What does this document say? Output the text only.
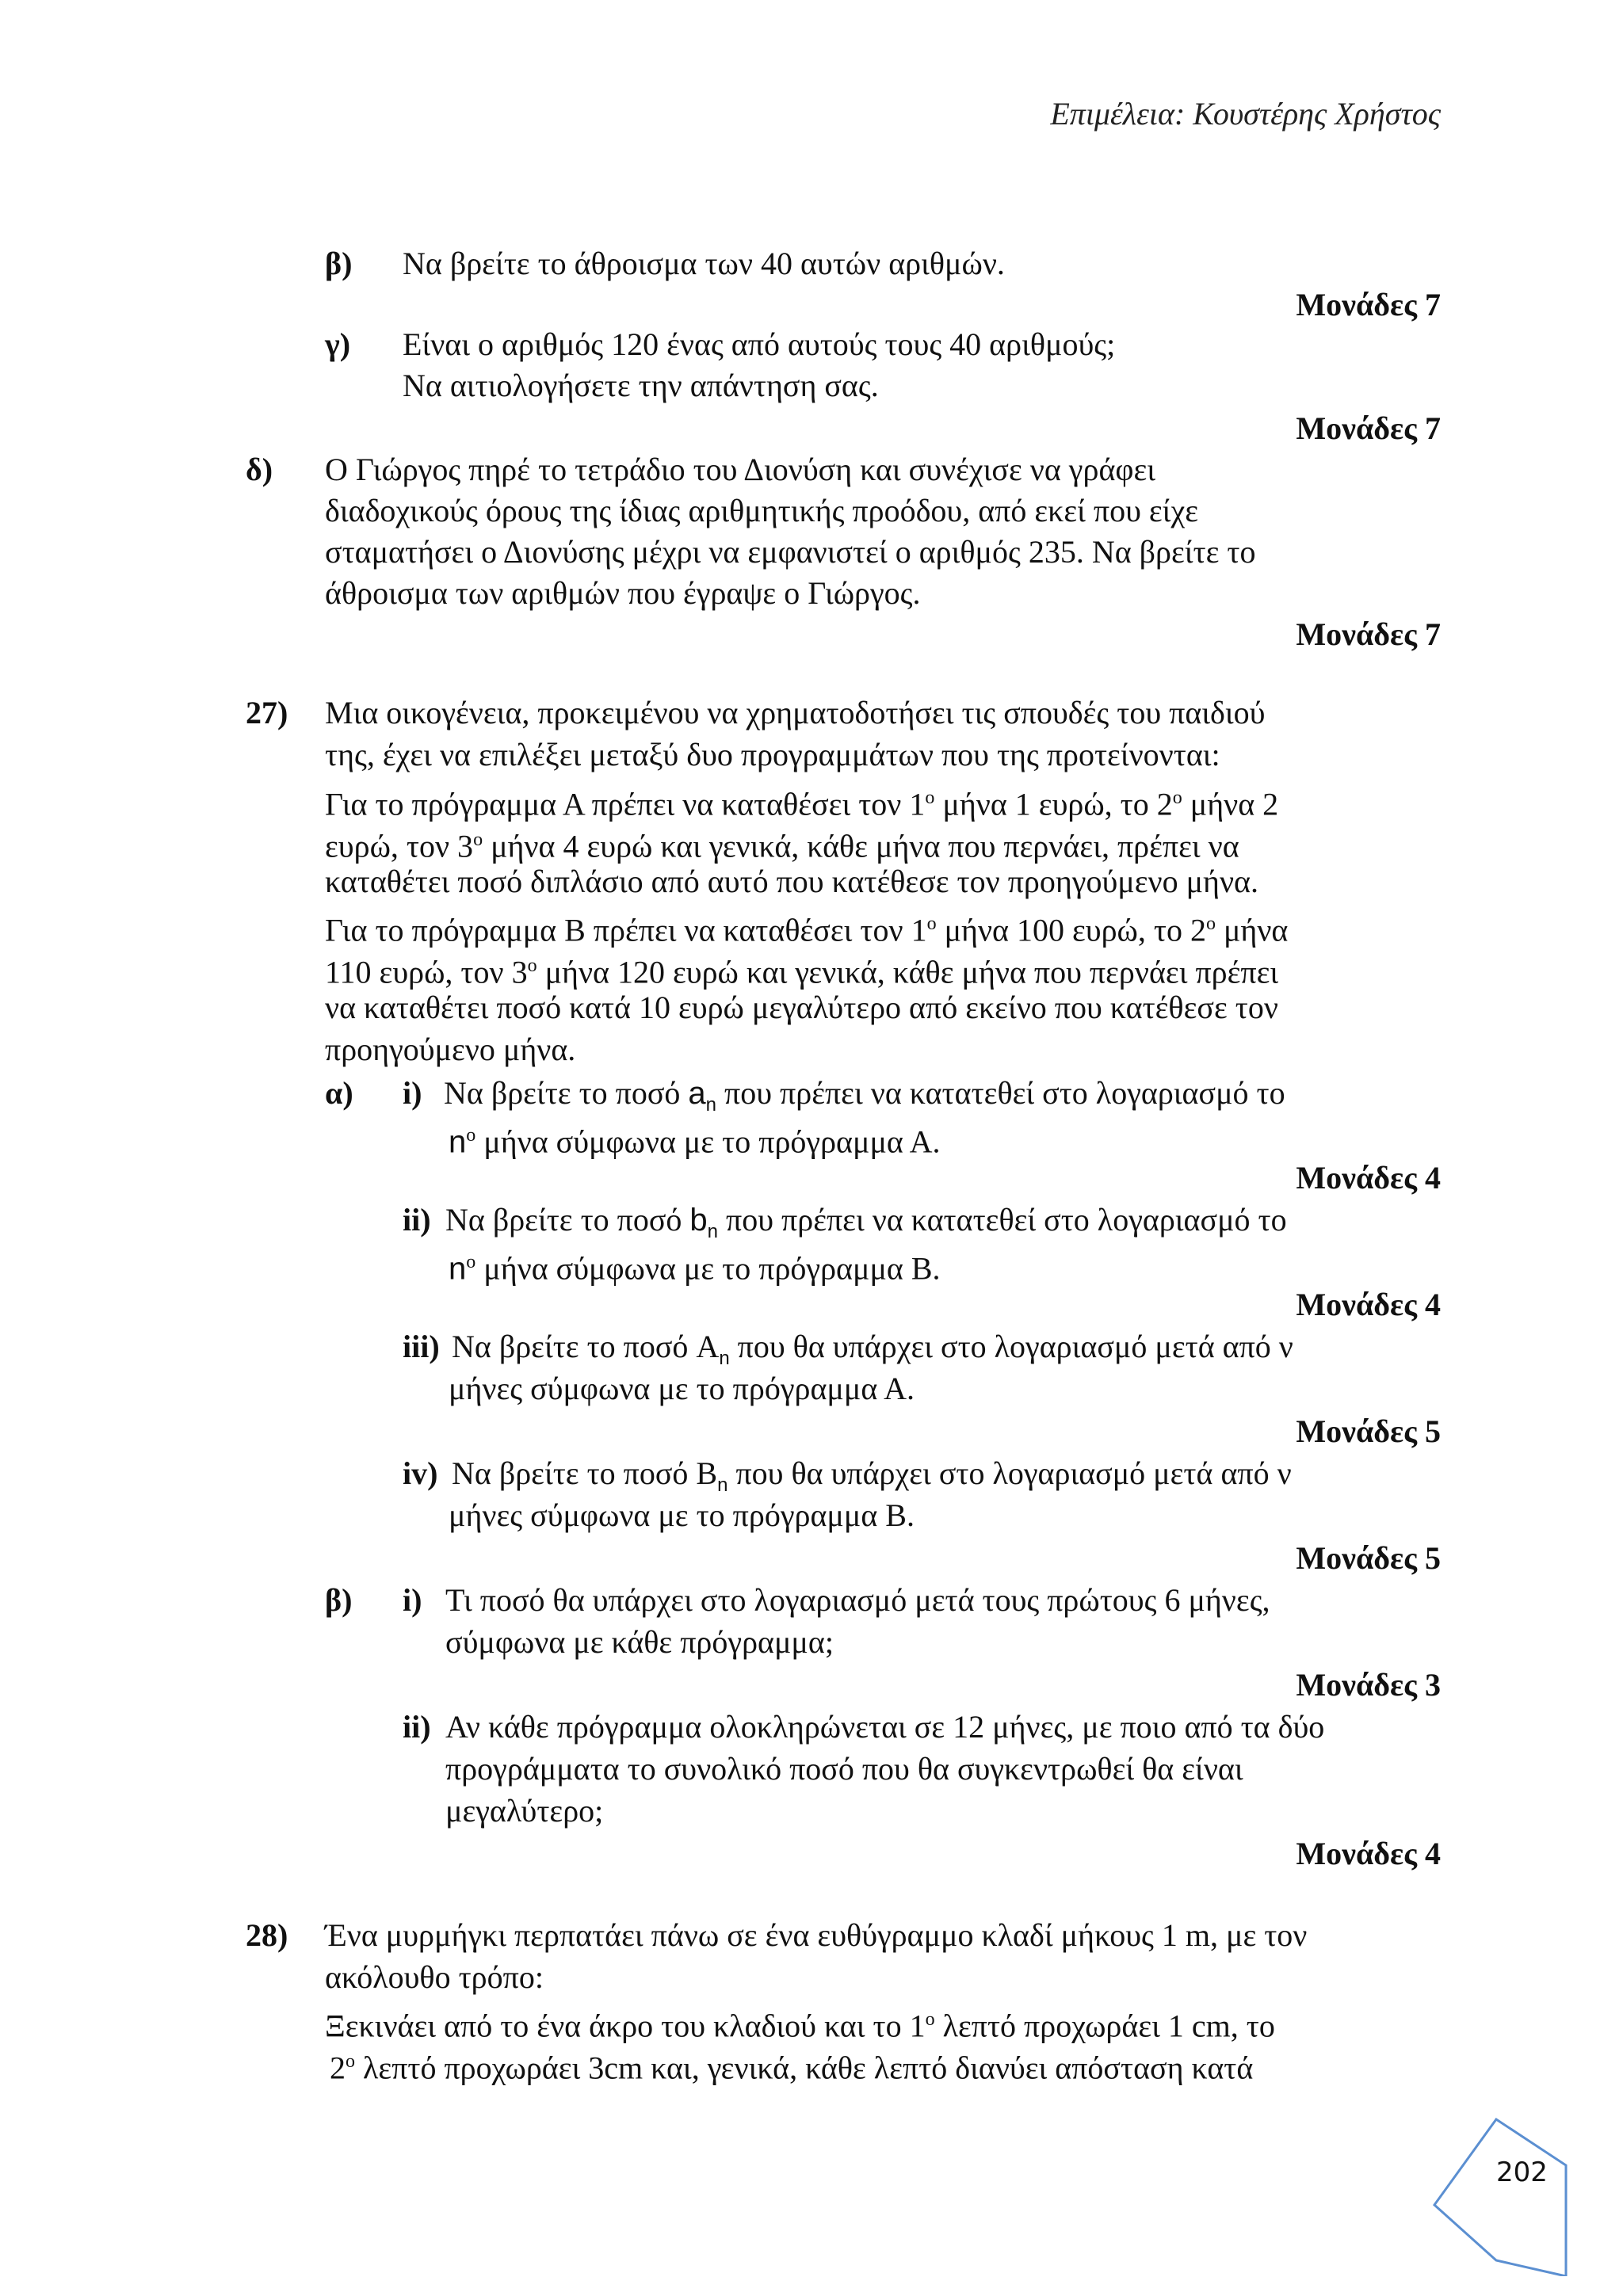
Επιμέλεια: Κουστέρης Χρήστος
β) Να βρείτε το άθροισμα των 40 αυτών αριθμών.
Μονάδες 7
γ) Είναι ο αριθμός 120 ένας από αυτούς τους 40 αριθμούς;
Να αιτιολογήσετε την απάντηση σας.
Μονάδες 7
δ) Ο Γιώργος πηρέ το τετράδιο του Διονύση και συνέχισε να γράφει
διαδοχικούς όρους της ίδιας αριθμητικής προόδου, από εκεί που είχε
σταματήσει ο Διονύσης μέχρι να εμφανιστεί ο αριθμός 235. Να βρείτε το
άθροισμα των αριθμών που έγραψε ο Γιώργος.
Μονάδες 7
27) Μια οικογένεια, προκειμένου να χρηματοδοτήσει τις σπουδές του παιδιού
της, έχει να επιλέξει μεταξύ δυο προγραμμάτων που της προτείνονται:
Για το πρόγραμμα Α πρέπει να καταθέσει τον $1^o$ μήνα 1 ευρώ, το $2^o$ μήνα 2
ευρώ, τον $3^o$ μήνα 4 ευρώ και γενικά, κάθε μήνα που περνάει, πρέπει να
καταθέτει ποσό διπλάσιο από αυτό που κατέθεσε τον προηγούμενο μήνα.
Για το πρόγραμμα Β πρέπει να καταθέσει τον $1^o$ μήνα 100 ευρώ, το $2^o$ μήνα
110 ευρώ, τον $3^o$ μήνα 120 ευρώ και γενικά, κάθε μήνα που περνάει πρέπει
να καταθέτει ποσό κατά 10 ευρώ μεγαλύτερο από εκείνο που κατέθεσε τον
προηγούμενο μήνα.
α) i) Να βρείτε το ποσό $a_n$ που πρέπει να κατατεθεί στο λογαριασμό το
$n^o$ μήνα σύμφωνα με το πρόγραμμα Α.
Μονάδες 4
ii) Να βρείτε το ποσό $b_n$ που πρέπει να κατατεθεί στο λογαριασμό το
$n^o$ μήνα σύμφωνα με το πρόγραμμα Β.
Μονάδες 4
iii) Να βρείτε το ποσό $A_n$ που θα υπάρχει στο λογαριασμό μετά από ν
μήνες σύμφωνα με το πρόγραμμα Α.
Μονάδες 5
iv) Να βρείτε το ποσό $B_n$ που θα υπάρχει στο λογαριασμό μετά από ν
μήνες σύμφωνα με το πρόγραμμα Β.
Μονάδες 5
β) i) Τι ποσό θα υπάρχει στο λογαριασμό μετά τους πρώτους 6 μήνες,
σύμφωνα με κάθε πρόγραμμα;
Μονάδες 3
ii) Αν κάθε πρόγραμμα ολοκληρώνεται σε 12 μήνες, με ποιο από τα δύο
προγράμματα το συνολικό ποσό που θα συγκεντρωθεί θα είναι
μεγαλύτερο;
Μονάδες 4
28) Ένα μυρμήγκι περπατάει πάνω σε ένα ευθύγραμμο κλαδί μήκους 1 m, με τον
ακόλουθο τρόπο:
Ξεκινάει από το ένα άκρο του κλαδιού και το $1^o$ λεπτό προχωράει 1 cm, το
$2^o$ λεπτό προχωράει 3cm και, γενικά, κάθε λεπτό διανύει απόσταση κατά
202
